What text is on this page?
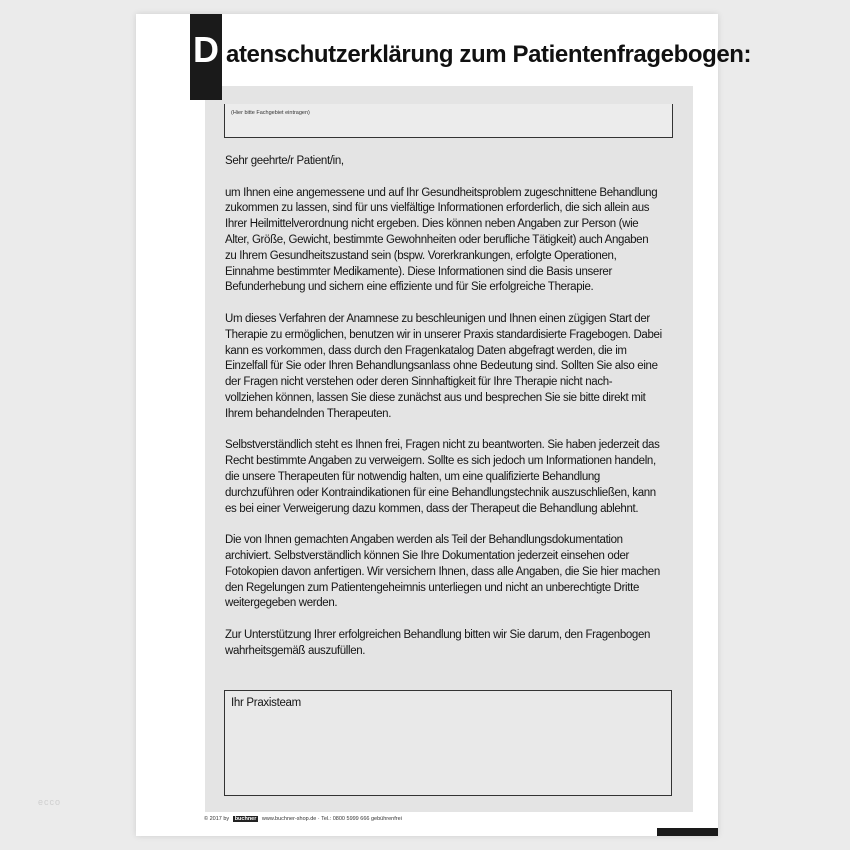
D atenschutzerklärung zum Patientenfragebogen:
(Hier bitte Fachgebiet eintragen)

Sehr geehrte/r Patient/in,

um Ihnen eine angemessene und auf Ihr Gesundheitsproblem zugeschnittene Behandlung
zukommen zu lassen, sind für uns vielfältige Informationen erforderlich, die sich allein aus
Ihrer Heilmittelverordnung nicht ergeben. Dies können neben Angaben zur Person (wie
Alter, Größe, Gewicht, bestimmte Gewohnheiten oder berufliche Tätigkeit) auch Angaben
zu Ihrem Gesundheitszustand sein (bspw. Vorerkrankungen, erfolgte Operationen,
Einnahme bestimmter Medikamente). Diese Informationen sind die Basis unserer
Befunderhebung und sichern eine effiziente und für Sie erfolgreiche Therapie.

Um dieses Verfahren der Anamnese zu beschleunigen und Ihnen einen zügigen Start der
Therapie zu ermöglichen, benutzen wir in unserer Praxis standardisierte Fragebogen. Dabei
kann es vorkommen, dass durch den Fragenkatalog Daten abgefragt werden, die im
Einzelfall für Sie oder Ihren Behandlungsanlass ohne Bedeutung sind. Sollten Sie also eine
der Fragen nicht verstehen oder deren Sinnhaftigkeit für Ihre Therapie nicht nach-
vollziehen können, lassen Sie diese zunächst aus und besprechen Sie sie bitte direkt mit
Ihrem behandelnden Therapeuten.

Selbstverständlich steht es Ihnen frei, Fragen nicht zu beantworten. Sie haben jederzeit das
Recht bestimmte Angaben zu verweigern. Sollte es sich jedoch um Informationen handeln,
die unsere Therapeuten für notwendig halten, um eine qualifizierte Behandlung
durchzuführen oder Kontraindikationen für eine Behandlungstechnik auszuschließen, kann
es bei einer Verweigerung dazu kommen, dass der Therapeut die Behandlung ablehnt.

Die von Ihnen gemachten Angaben werden als Teil der Behandlungsdokumentation
archiviert. Selbstverständlich können Sie Ihre Dokumentation jederzeit einsehen oder
Fotokopien davon anfertigen. Wir versichern Ihnen, dass alle Angaben, die Sie hier machen
den Regelungen zum Patientengeheimnis unterliegen und nicht an unberechtigte Dritte
weitergegeben werden.

Zur Unterstützung Ihrer erfolgreichen Behandlung bitten wir Sie darum, den Fragenbogen
wahrheitsgemäß auszufüllen.

Ihr Praxisteam
© 2017 by buchner www.buchner-shop.de · Tel.: 0800 5999 666 gebührenfrei
ecco
